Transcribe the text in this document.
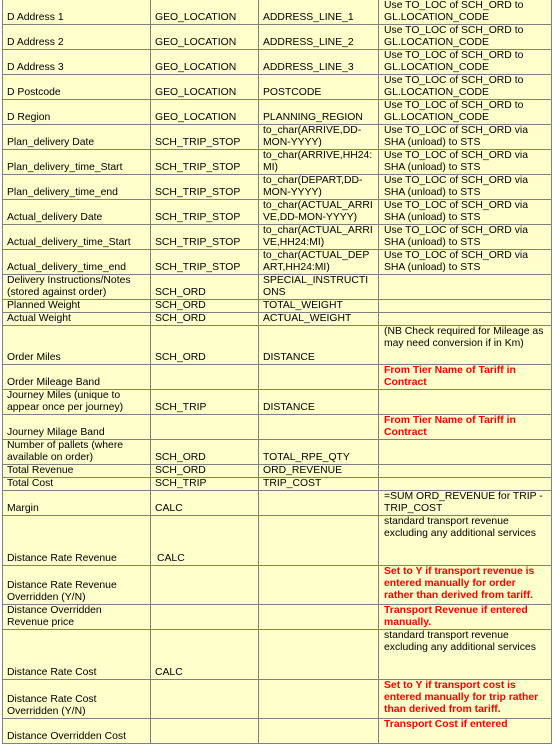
D Address 1	GEO_LOCATION	ADDRESS_LINE_1	Use TO_LOC of SCH_ORD to GL.LOCATION_CODE
D Address 2	GEO_LOCATION	ADDRESS_LINE_2	Use TO_LOC of SCH_ORD to GL.LOCATION_CODE
D Address 3	GEO_LOCATION	ADDRESS_LINE_3	Use TO_LOC of SCH_ORD to GL.LOCATION_CODE
D Postcode	GEO_LOCATION	POSTCODE	Use TO_LOC of SCH_ORD to GL.LOCATION_CODE
D Region	GEO_LOCATION	PLANNING_REGION	Use TO_LOC of SCH_ORD to GL.LOCATION_CODE
Plan_delivery Date	SCH_TRIP_STOP	to_char(ARRIVE,DD-MON-YYYY)	Use TO_LOC of SCH_ORD via SHA (unload) to STS
Plan_delivery_time_Start	SCH_TRIP_STOP	to_char(ARRIVE,HH24:MI)	Use TO_LOC of SCH_ORD via SHA (unload) to STS
Plan_delivery_time_end	SCH_TRIP_STOP	to_char(DEPART,DD-MON-YYYY)	Use TO_LOC of SCH_ORD via SHA (unload) to STS
Actual_delivery Date	SCH_TRIP_STOP	to_char(ACTUAL_ARRIVE,DD-MON-YYYY)	Use TO_LOC of SCH_ORD via SHA (unload) to STS
Actual_delivery_time_Start	SCH_TRIP_STOP	to_char(ACTUAL_ARRIVE,HH24:MI)	Use TO_LOC of SCH_ORD via SHA (unload) to STS
Actual_delivery_time_end	SCH_TRIP_STOP	to_char(ACTUAL_DEPART,HH24:MI)	Use TO_LOC of SCH_ORD via SHA (unload) to STS
Delivery Instructions/Notes (stored against order)	SCH_ORD	SPECIAL_INSTRUCTIONS	
Planned Weight	SCH_ORD	TOTAL_WEIGHT	
Actual Weight	SCH_ORD	ACTUAL_WEIGHT	
Order Miles	SCH_ORD	DISTANCE	(NB Check required for Mileage as may need conversion if in Km)
Order Mileage Band			From Tier Name of Tariff in Contract
Journey Miles (unique to appear once per journey)	SCH_TRIP	DISTANCE	
Journey Milage Band			From Tier Name of Tariff in Contract
Number of pallets (where available on order)	SCH_ORD	TOTAL_RPE_QTY	
Total Revenue	SCH_ORD	ORD_REVENUE	
Total Cost	SCH_TRIP	TRIP_COST	
Margin	CALC		=SUM ORD_REVENUE for TRIP - TRIP_COST
Distance Rate Revenue	CALC		standard transport revenue excluding any additional services
Distance Rate Revenue Overridden (Y/N)			Set to Y if transport revenue is entered manually for order rather than derived from tariff.
Distance Overridden Revenue price			Transport Revenue if entered manually.
Distance Rate Cost	CALC		standard transport revenue excluding any additional services
Distance Rate Cost Overridden (Y/N)			Set to Y if transport cost is entered manually for trip rather than derived from tariff.
Distance Overridden Cost			Transport Cost if entered
